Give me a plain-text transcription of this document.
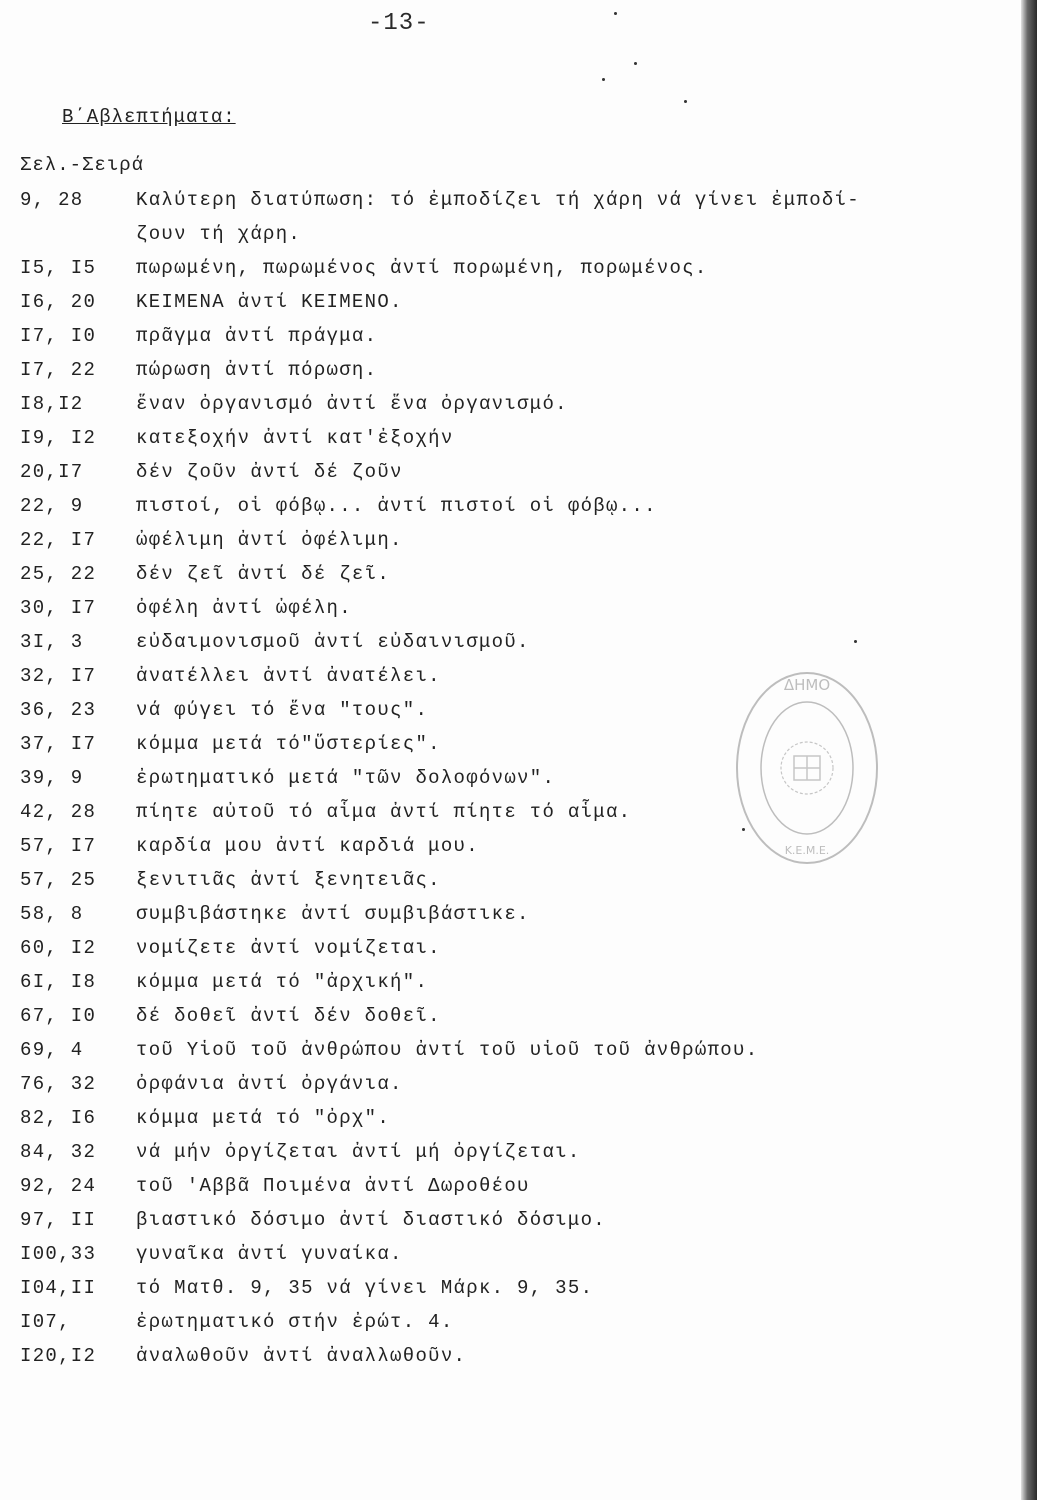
-13-
Β΄Αβλεπτήματα:
Σελ.-Σειρά
9, 28	Καλύτερη διατύπωση: τό ἐμποδίζει τή χάρη νά γίνει ἐμποδί-
ζουν τή χάρη.
I5, I5	πωρωμένη, πωρωμένος ἀντί πορωμένη, πορωμένος.
I6, 20	ΚΕΙΜΕΝΑ ἀντί ΚΕΙΜΕΝΟ.
I7, I0	πρᾶγμα ἀντί πράγμα.
I7, 22	πώρωση ἀντί πόρωση.
I8,I2	ἕναν ὀργανισμό ἀντί ἕνα ὀργανισμό.
I9, I2	κατεξοχήν ἀντί κατ'ἐξοχήν
20,I7	δέν ζοῦν ἀντί δέ ζοῦν
22, 9	πιστοί, οἱ φόβῳ... ἀντί πιστοί οἱ φόβῳ...
22, I7	ὠφέλιμη ἀντί ὀφέλιμη.
25, 22	δέν ζεῖ ἀντί δέ ζεῖ.
30, I7	ὀφέλη ἀντί ὠφέλη.
3I, 3	εὐδαιμονισμοῦ ἀντί εὐδαινισμοῦ.
32, I7	ἀνατέλλει ἀντί ἀνατέλει.
36, 23	νά φύγει τό ἕνα "τους".
37, I7	κόμμα μετά τό"ὕστερίες".
39, 9	ἐρωτηματικό μετά "τῶν δολοφόνων".
42, 28	πίητε αὐτοῦ τό αἷμα ἀντί πίητε τό αἷμα.
57, I7	καρδία μου ἀντί καρδιά μου.
57, 25	ξενιτιᾶς ἀντί ξενητειᾶς.
58, 8	συμβιβάστηκε ἀντί συμβιβάστικε.
60, I2	νομίζετε ἀντί νομίζεται.
6I, I8	κόμμα μετά τό "ἀρχική".
67, I0	δέ δοθεῖ ἀντί δέν δοθεῖ.
69, 4	τοῦ Υἱοῦ τοῦ ἀνθρώπου ἀντί τοῦ υἱοῦ τοῦ ἀνθρώπου.
76, 32	ὀρφάνια ἀντί ὀργάνια.
82, I6	κόμμα μετά τό "ὀρχ".
84, 32	νά μήν ὀργίζεται ἀντί μή ὀργίζεται.
92, 24	τοῦ 'Αββᾶ Ποιμένα ἀντί Δωροθέου
97, II	βιαστικό δόσιμο ἀντί διαστικό δόσιμο.
I00,33	γυναῖκα ἀντί γυναίκα.
I04,II	τό Ματθ. 9, 35 νά γίνει Μάρκ. 9, 35.
I07,	ἐρωτηματικό στήν ἐρώτ. 4.
I20,I2	ἀναλωθοῦν ἀντί ἀναλλωθοῦν.
ΔΗΜΟ
Κ.Ε.Μ.Ε.
